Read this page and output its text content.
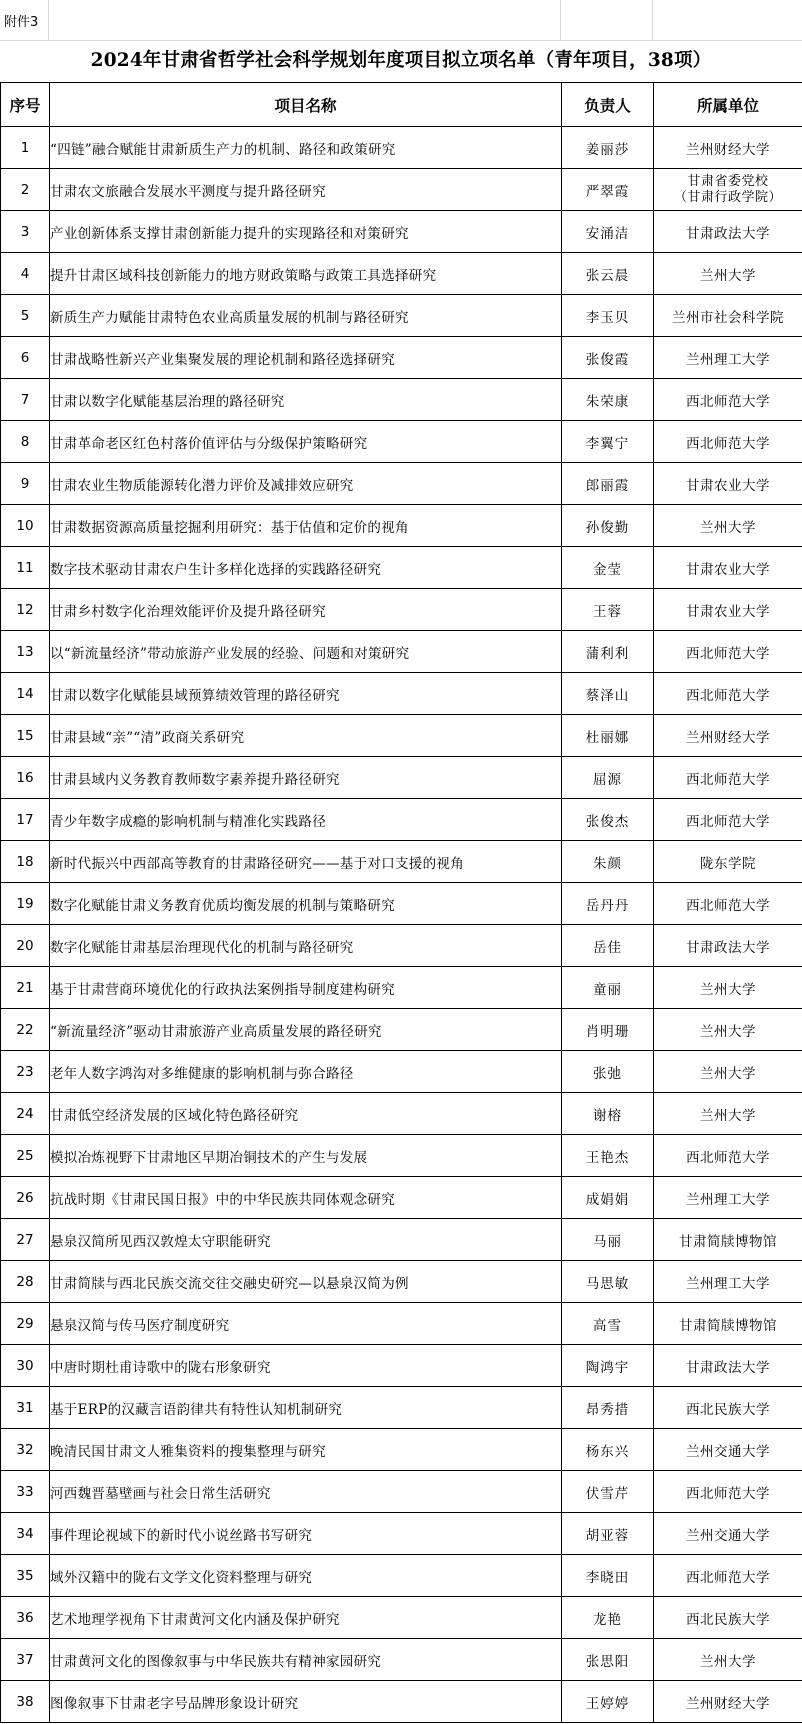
附件3
2024年甘肃省哲学社会科学规划年度项目拟立项名单（青年项目，38项）
序号	项目名称	负责人	所属单位
1	“四链”融合赋能甘肃新质生产力的机制、路径和政策研究	姜丽莎	兰州财经大学
2	甘肃农文旅融合发展水平测度与提升路径研究	严翠霞	甘肃省委党校
（甘肃行政学院）

3	产业创新体系支撑甘肃创新能力提升的实现路径和对策研究	安涌洁	甘肃政法大学
4	提升甘肃区域科技创新能力的地方财政策略与政策工具选择研究	张云晨	兰州大学
5	新质生产力赋能甘肃特色农业高质量发展的机制与路径研究	李玉贝	兰州市社会科学院
6	甘肃战略性新兴产业集聚发展的理论机制和路径选择研究	张俊霞	兰州理工大学
7	甘肃以数字化赋能基层治理的路径研究	朱荣康	西北师范大学
8	甘肃革命老区红色村落价值评估与分级保护策略研究	李翼宁	西北师范大学
9	甘肃农业生物质能源转化潜力评价及减排效应研究	郎丽霞	甘肃农业大学
10	甘肃数据资源高质量挖掘利用研究：基于估值和定价的视角	孙俊勤	兰州大学
11	数字技术驱动甘肃农户生计多样化选择的实践路径研究	金莹	甘肃农业大学
12	甘肃乡村数字化治理效能评价及提升路径研究	王蓉	甘肃农业大学
13	以“新流量经济”带动旅游产业发展的经验、问题和对策研究	蒲利利	西北师范大学
14	甘肃以数字化赋能县域预算绩效管理的路径研究	蔡泽山	西北师范大学
15	甘肃县域“亲”“清”政商关系研究	杜丽娜	兰州财经大学
16	甘肃县域内义务教育教师数字素养提升路径研究	屈源	西北师范大学
17	青少年数字成瘾的影响机制与精准化实践路径	张俊杰	西北师范大学
18	新时代振兴中西部高等教育的甘肃路径研究——基于对口支援的视角	朱颜	陇东学院
19	数字化赋能甘肃义务教育优质均衡发展的机制与策略研究	岳丹丹	西北师范大学
20	数字化赋能甘肃基层治理现代化的机制与路径研究	岳佳	甘肃政法大学
21	基于甘肃营商环境优化的行政执法案例指导制度建构研究	童丽	兰州大学
22	“新流量经济”驱动甘肃旅游产业高质量发展的路径研究	肖明珊	兰州大学
23	老年人数字鸿沟对多维健康的影响机制与弥合路径	张弛	兰州大学
24	甘肃低空经济发展的区域化特色路径研究	谢榕	兰州大学
25	模拟冶炼视野下甘肃地区早期冶铜技术的产生与发展	王艳杰	西北师范大学
26	抗战时期《甘肃民国日报》中的中华民族共同体观念研究	成娟娟	兰州理工大学
27	悬泉汉简所见西汉敦煌太守职能研究	马丽	甘肃简牍博物馆
28	甘肃简牍与西北民族交流交往交融史研究—以悬泉汉简为例	马思敏	兰州理工大学
29	悬泉汉简与传马医疗制度研究	高雪	甘肃简牍博物馆
30	中唐时期杜甫诗歌中的陇右形象研究	陶鸿宇	甘肃政法大学
31	基于ERP的汉藏言语韵律共有特性认知机制研究	昂秀措	西北民族大学
32	晚清民国甘肃文人雅集资料的搜集整理与研究	杨东兴	兰州交通大学
33	河西魏晋墓壁画与社会日常生活研究	伏雪芹	西北师范大学
34	事件理论视域下的新时代小说丝路书写研究	胡亚蓉	兰州交通大学
35	域外汉籍中的陇右文学文化资料整理与研究	李晓田	西北师范大学
36	艺术地理学视角下甘肃黄河文化内涵及保护研究	龙艳	西北民族大学
37	甘肃黄河文化的图像叙事与中华民族共有精神家园研究	张思阳	兰州大学
38	图像叙事下甘肃老字号品牌形象设计研究	王婷婷	兰州财经大学
